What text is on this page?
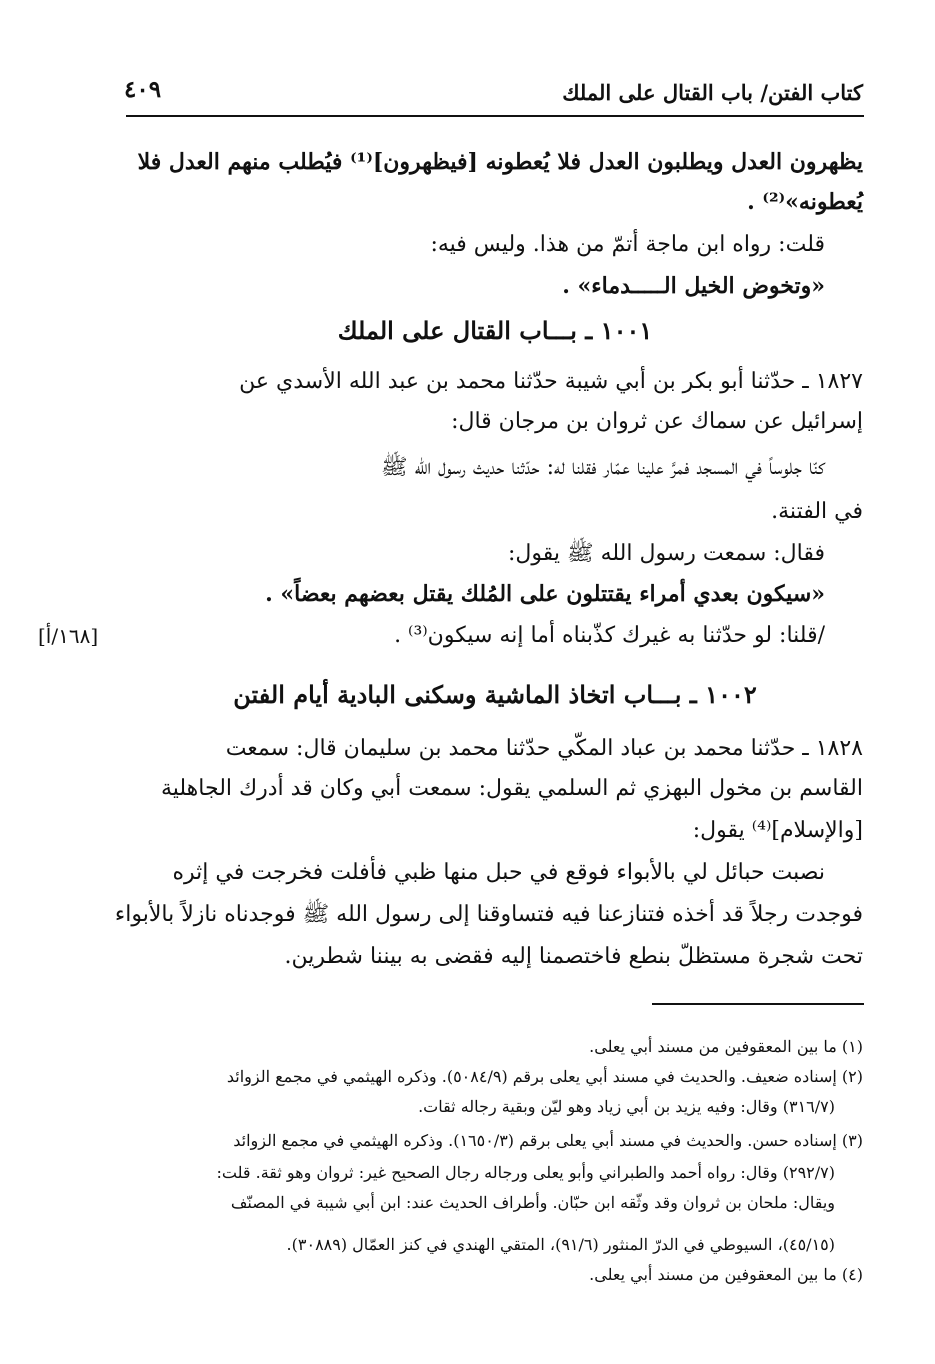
كتاب الفتن/ باب القتال على الملك
٤٠٩
يظهرون العدل ويطلبون العدل فلا يُعطونه [فيظهرون]⁽¹⁾ فيُطلب منهم العدل فلا
يُعطونه»⁽²⁾ .
قلت: رواه ابن ماجة أتمّ من هذا. وليس فيه:
«وتخوض الخيل الـــــدماء» .
١٠٠١ ـ بـــاب القتال على الملك
١٨٢٧ ـ حدّثنا أبو بكر بن أبي شيبة حدّثنا محمد بن عبد الله الأسدي عن
إسرائيل عن سماك عن ثروان بن مرجان قال:
كنّا جلوساً في المسجد فمرَّ علينا عمّار فقلنا له: حدّثنا حديث رسول الله ﷺ
في الفتنة.
فقال: سمعت رسول الله ﷺ يقول:
«سيكون بعدي أمراء يقتتلون على المُلك يقتل بعضهم بعضاً» .
/قلنا: لو حدّثنا به غيرك كذّبناه أما إنه سيكون⁽³⁾ .
[١٦٨/أ]
١٠٠٢ ـ بـــاب اتخاذ الماشية وسكنى البادية أيام الفتن
١٨٢٨ ـ حدّثنا محمد بن عباد المكّي حدّثنا محمد بن سليمان قال: سمعت
القاسم بن مخول البهزي ثم السلمي يقول: سمعت أبي وكان قد أدرك الجاهلية
[والإسلام]⁽⁴⁾ يقول:
نصبت حبائل لي بالأبواء فوقع في حبل منها ظبي فأفلت فخرجت في إثره
فوجدت رجلاً قد أخذه فتنازعنا فيه فتساوقنا إلى رسول الله ﷺ فوجدناه نازلاً بالأبواء
تحت شجرة مستظلّ بنطع فاختصمنا إليه فقضى به بيننا شطرين.
(١) ما بين المعقوفين من مسند أبي يعلى.
(٢) إسناده ضعيف. والحديث في مسند أبي يعلى برقم (٥٠٨٤/٩). وذكره الهيثمي في مجمع الزوائد
(٣١٦/٧) وقال: وفيه يزيد بن أبي زياد وهو ليّن وبقية رجاله ثقات.
(٣) إسناده حسن. والحديث في مسند أبي يعلى برقم (١٦٥٠/٣). وذكره الهيثمي في مجمع الزوائد
(٢٩٢/٧) وقال: رواه أحمد والطبراني وأبو يعلى ورجاله رجال الصحيح غير: ثروان وهو ثقة. قلت:
ويقال: ملحان بن ثروان وقد وثّقه ابن حبّان. وأطراف الحديث عند: ابن أبي شيبة في المصنّف
(٤٥/١٥)، السيوطي في الدرّ المنثور (٩١/٦)، المتقي الهندي في كنز العمّال (٣٠٨٨٩).
(٤) ما بين المعقوفين من مسند أبي يعلى.
